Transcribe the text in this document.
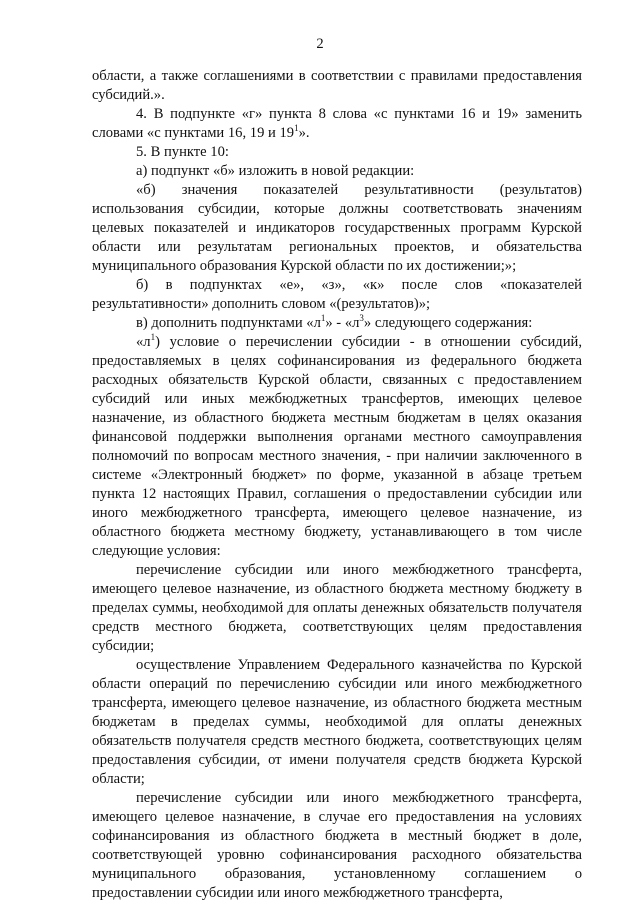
2

области, а также соглашениями в соответствии с правилами предоставления субсидий.».

4. В подпункте «г» пункта 8 слова «с пунктами 16 и 19» заменить словами «с пунктами 16, 19 и $19^1$».

5. В пункте 10:

а) подпункт «б» изложить в новой редакции:

«б) значения показателей результативности (результатов) использования субсидии, которые должны соответствовать значениям целевых показателей и индикаторов государственных программ Курской области или результатам региональных проектов, и обязательства муниципального образования Курской области по их достижении;»;

б) в подпунктах «е», «з», «к» после слов «показателей результативности» дополнить словом «(результатов)»;

в) дополнить подпунктами «$л^1$» - «$л^3$» следующего содержания:

«$л^1$) условие о перечислении субсидии - в отношении субсидий, предоставляемых в целях софинансирования из федерального бюджета расходных обязательств Курской области, связанных с предоставлением субсидий или иных межбюджетных трансфертов, имеющих целевое назначение, из областного бюджета местным бюджетам в целях оказания финансовой поддержки выполнения органами местного самоуправления полномочий по вопросам местного значения, - при наличии заключенного в системе «Электронный бюджет» по форме, указанной в абзаце третьем пункта 12 настоящих Правил, соглашения о предоставлении субсидии или иного межбюджетного трансферта, имеющего целевое назначение, из областного бюджета местному бюджету, устанавливающего в том числе следующие условия:

перечисление субсидии или иного межбюджетного трансферта, имеющего целевое назначение, из областного бюджета местному бюджету в пределах суммы, необходимой для оплаты денежных обязательств получателя средств местного бюджета, соответствующих целям предоставления субсидии;

осуществление Управлением Федерального казначейства по Курской области операций по перечислению субсидии или иного межбюджетного трансферта, имеющего целевое назначение, из областного бюджета местным бюджетам в пределах суммы, необходимой для оплаты денежных обязательств получателя средств местного бюджета, соответствующих целям предоставления субсидии, от имени получателя средств бюджета Курской области;

перечисление субсидии или иного межбюджетного трансферта, имеющего целевое назначение, в случае его предоставления на условиях софинансирования из областного бюджета в местный бюджет в доле, соответствующей уровню софинансирования расходного обязательства муниципального образования, установленному соглашением о предоставлении субсидии или иного межбюджетного трансферта,
